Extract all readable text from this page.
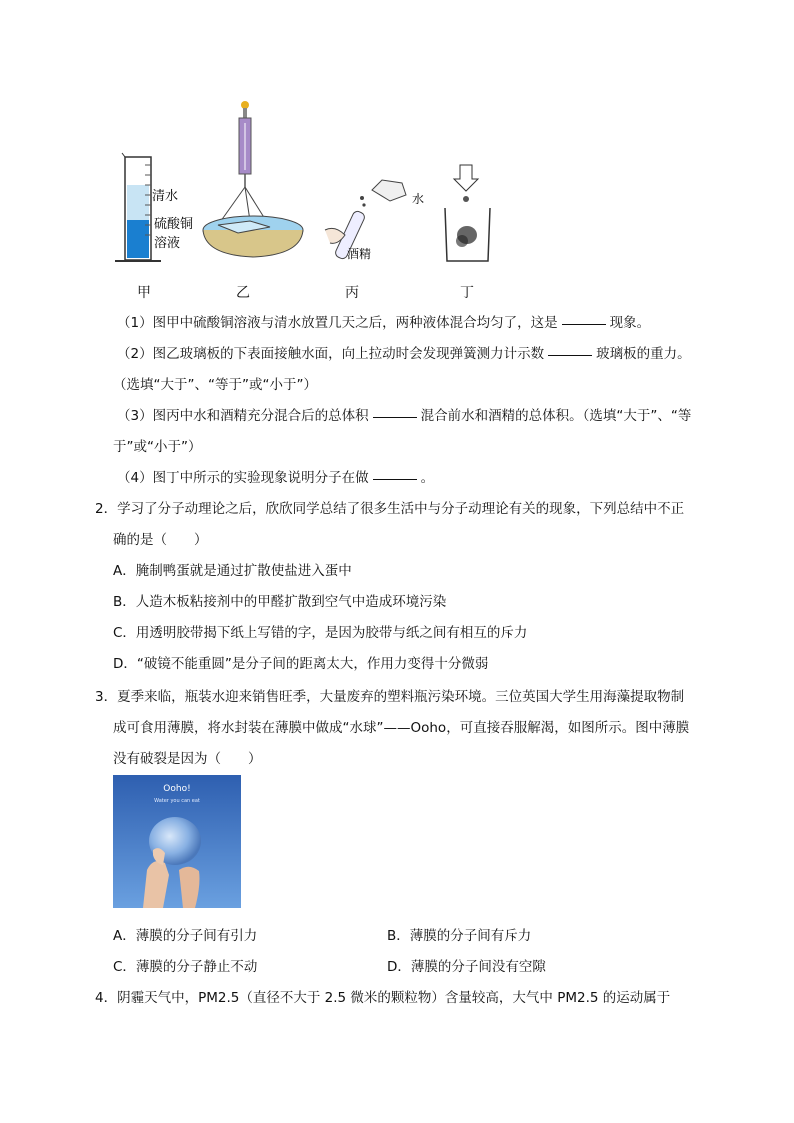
清水
硫酸铜
溶液
水
酒精
甲	乙	丙	丁
（1）图甲中硫酸铜溶液与清水放置几天之后，两种液体混合均匀了，这是	现象。
（2）图乙玻璃板的下表面接触水面，向上拉动时会发现弹簧测力计示数	玻璃板的重力。
（选填“大于”、“等于”或“小于”）
（3）图丙中水和酒精充分混合后的总体积	混合前水和酒精的总体积。（选填“大于”、“等
于”或“小于”）
（4）图丁中所示的实验现象说明分子在做	。
2．学习了分子动理论之后，欣欣同学总结了很多生活中与分子动理论有关的现象，下列总结中不正
确的是（　　）
A．腌制鸭蛋就是通过扩散使盐进入蛋中
B．人造木板粘接剂中的甲醛扩散到空气中造成环境污染
C．用透明胶带揭下纸上写错的字，是因为胶带与纸之间有相互的斥力
D．“破镜不能重圆”是分子间的距离太大，作用力变得十分微弱
3．夏季来临，瓶装水迎来销售旺季，大量废弃的塑料瓶污染环境。三位英国大学生用海藻提取物制
成可食用薄膜，将水封装在薄膜中做成“水球”——Ooho，可直接吞服解渴，如图所示。图中薄膜
没有破裂是因为（　　）
Ooho!
Water you can eat
A．薄膜的分子间有引力	B．薄膜的分子间有斥力
C．薄膜的分子静止不动	D．薄膜的分子间没有空隙
4．阴霾天气中，PM2.5（直径不大于 2.5 微米的颗粒物）含量较高，大气中 PM2.5 的运动属于
